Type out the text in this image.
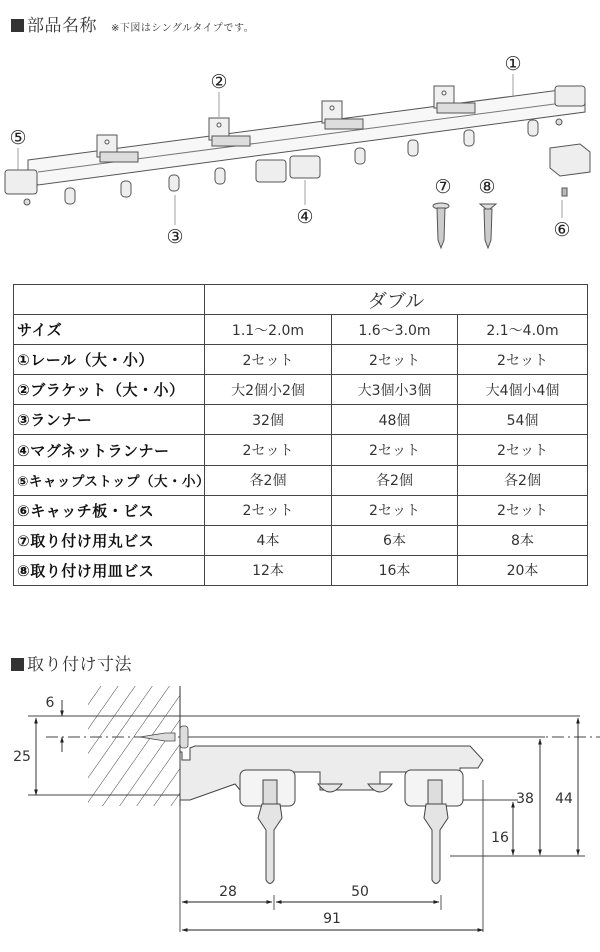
部品名称 ※下図はシングルタイプです。
①
②
③
④
⑤
⑥
⑦ ⑧
	ダブル		
サイズ	1.1〜2.0m	1.6〜3.0m	2.1〜4.0m
①レール（大・小）	2セット	2セット	2セット
②ブラケット（大・小）	大2個小2個	大3個小3個	大4個小4個
③ランナー	32個	48個	54個
④マグネットランナー	2セット	2セット	2セット
⑤キャップストップ（大・小）	各2個	各2個	各2個
⑥キャッチ板・ビス	2セット	2セット	2セット
⑦取り付け用丸ビス	4本	6本	8本
⑧取り付け用皿ビス	12本	16本	20本
取り付け寸法
6
25
38 44
16
28	50
91
